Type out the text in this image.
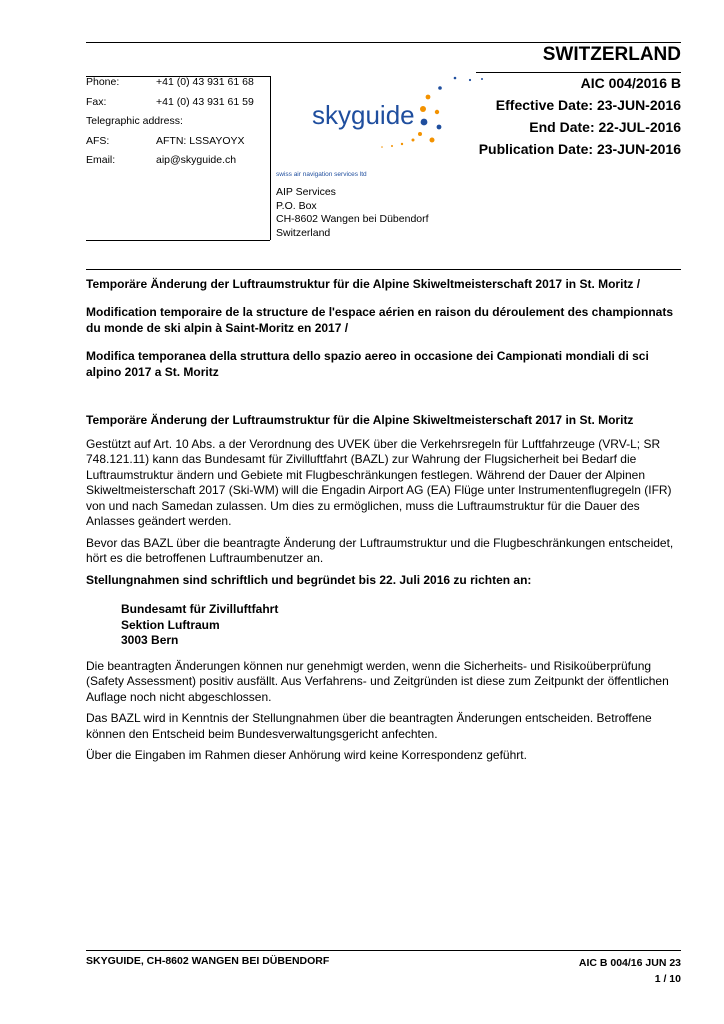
SWITZERLAND
Phone:	+41 (0) 43 931 61 68
Fax:	+41 (0) 43 931 61 59
Telegraphic address:
AFS:	AFTN: LSSAYOYX
Email:	aip@skyguide.ch
skyguide
swiss air navigation services ltd
AIP Services
P.O. Box
CH-8602 Wangen bei Dübendorf
Switzerland
AIC 004/2016 B
Effective Date: 23-JUN-2016
End Date: 22-JUL-2016
Publication Date: 23-JUN-2016

Temporäre Änderung der Luftraumstruktur für die Alpine Skiweltmeisterschaft 2017 in St. Moritz /

Modification temporaire de la structure de l'espace aérien en raison du déroulement des championnats du monde de ski alpin à Saint-Moritz en 2017 /

Modifica temporanea della struttura dello spazio aereo in occasione dei Campionati mondiali di sci alpino 2017 a St. Moritz

Temporäre Änderung der Luftraumstruktur für die Alpine Skiweltmeisterschaft 2017 in St. Moritz

Gestützt auf Art. 10 Abs. a der Verordnung des UVEK über die Verkehrsregeln für Luftfahrzeuge (VRV-L; SR 748.121.11) kann das Bundesamt für Zivilluftfahrt (BAZL) zur Wahrung der Flugsicherheit bei Bedarf die Luftraumstruktur ändern und Gebiete mit Flugbeschränkungen festlegen. Während der Dauer der Alpinen Skiweltmeisterschaft 2017 (Ski-WM) will die Engadin Airport AG (EA) Flüge unter Instrumentenflugregeln (IFR) von und nach Samedan zulassen. Um dies zu ermöglichen, muss die Luftraumstruktur für die Dauer des Anlasses geändert werden.

Bevor das BAZL über die beantragte Änderung der Luftraumstruktur und die Flugbeschränkungen entscheidet, hört es die betroffenen Luftraumbenutzer an.

Stellungnahmen sind schriftlich und begründet bis 22. Juli 2016 zu richten an:

Bundesamt für Zivilluftfahrt
Sektion Luftraum
3003 Bern

Die beantragten Änderungen können nur genehmigt werden, wenn die Sicherheits- und Risikoüberprüfung (Safety Assessment) positiv ausfällt. Aus Verfahrens- und Zeitgründen ist diese zum Zeitpunkt der öffentlichen Auflage noch nicht abgeschlossen.

Das BAZL wird in Kenntnis der Stellungnahmen über die beantragten Änderungen entscheiden. Betroffene können den Entscheid beim Bundesverwaltungsgericht anfechten.

Über die Eingaben im Rahmen dieser Anhörung wird keine Korrespondenz geführt.

SKYGUIDE, CH-8602 WANGEN BEI DÜBENDORF	AIC B 004/16 JUN 23
1 / 10
